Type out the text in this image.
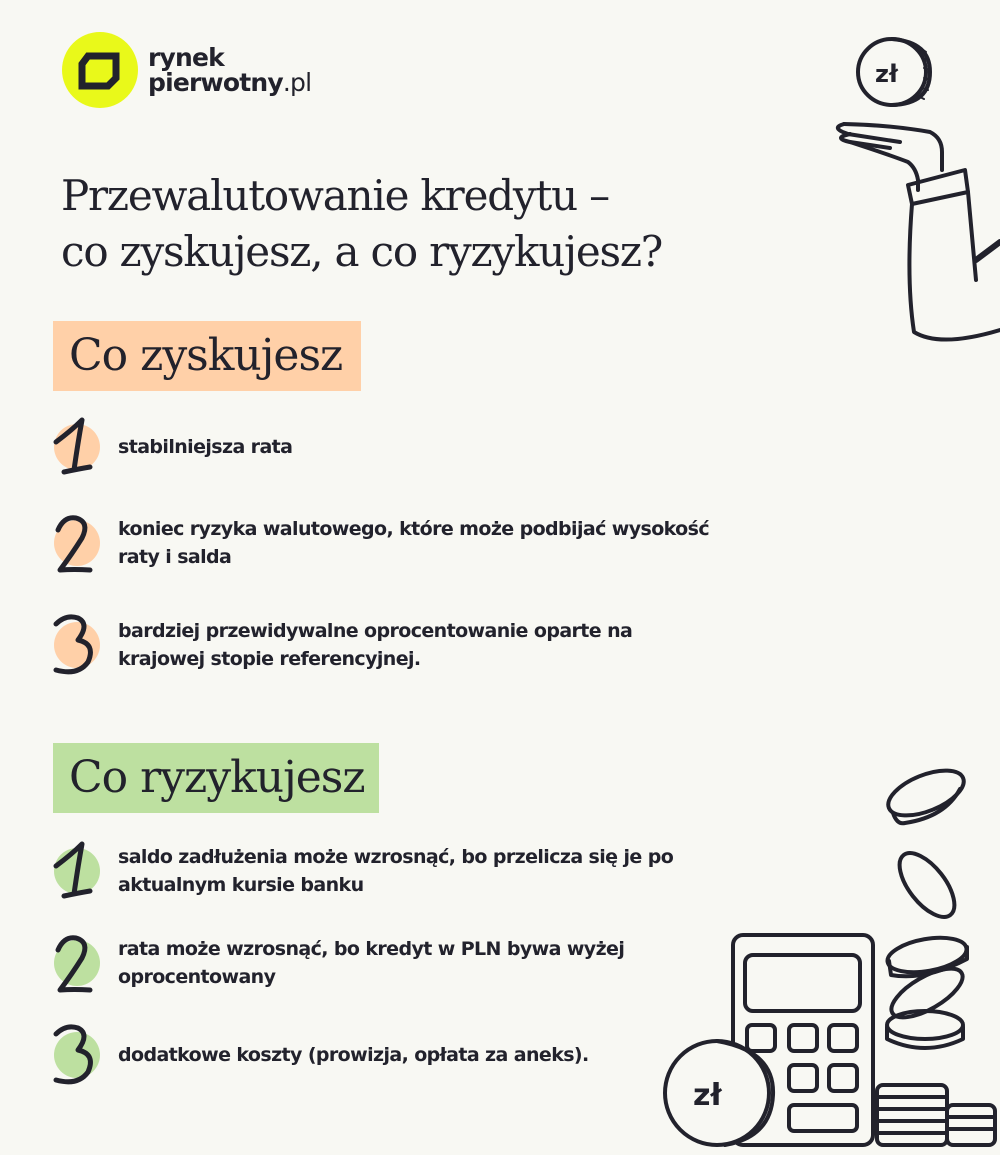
rynek
pierwotny.pl
Przewalutowanie kredytu –
co zyskujesz, a co ryzykujesz?
Co zyskujesz
stabilniejsza rata
koniec ryzyka walutowego, które może podbijać wysokość raty i salda
bardziej przewidywalne oprocentowanie oparte na krajowej stopie referencyjnej.
Co ryzykujesz
saldo zadłużenia może wzrosnąć, bo przelicza się je po aktualnym kursie banku
rata może wzrosnąć, bo kredyt w PLN bywa wyżej oprocentowany
dodatkowe koszty (prowizja, opłata za aneks).
zł
zł
